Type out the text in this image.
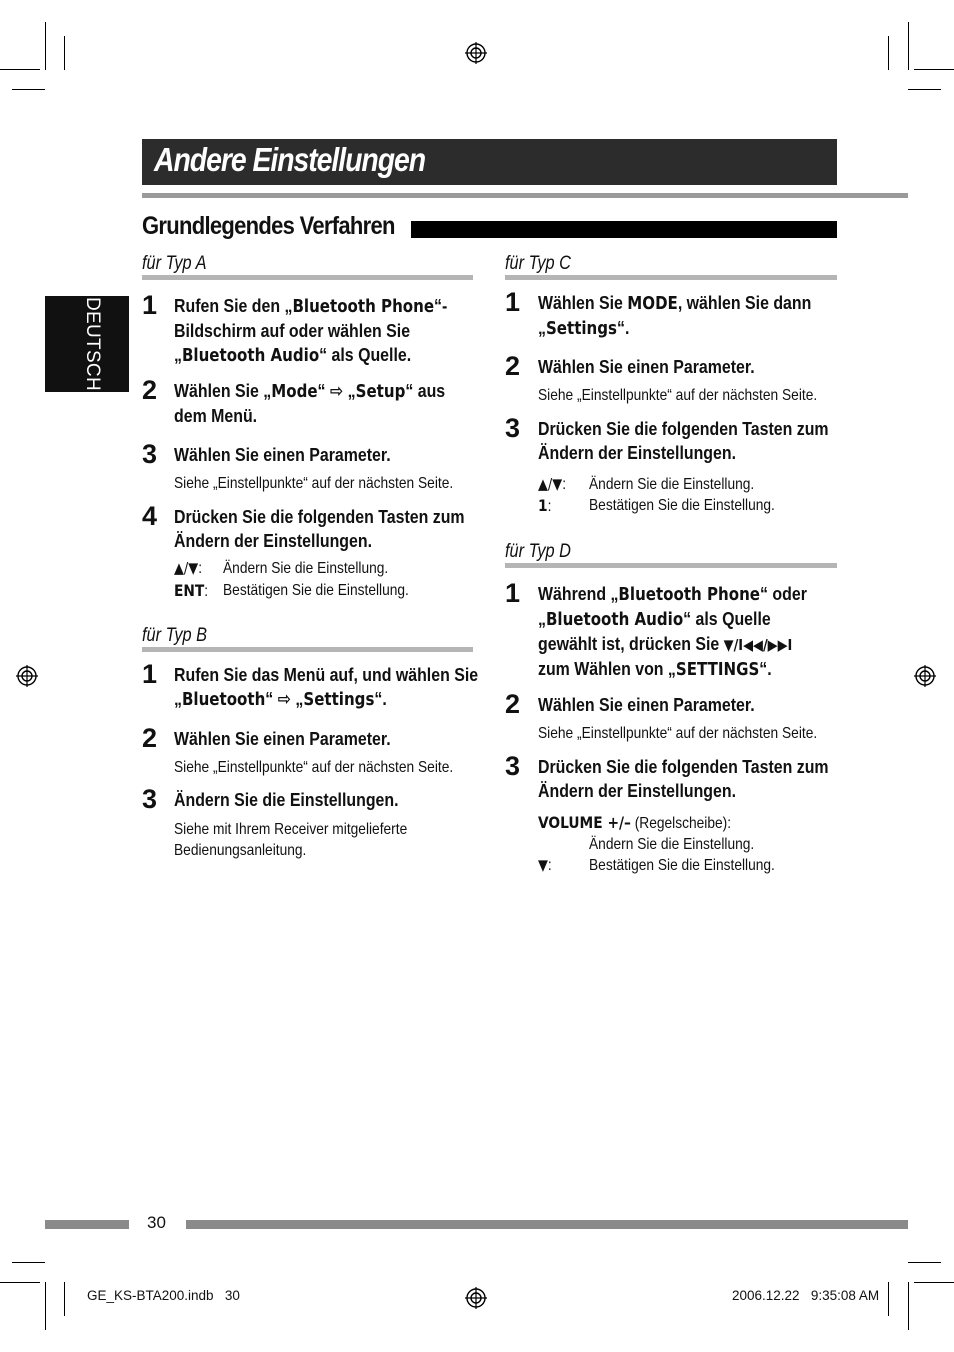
Andere Einstellungen
Grundlegendes Verfahren
DEUTSCH
für Typ A
1 Rufen Sie den „Bluetooth Phone“-
Bildschirm auf oder wählen Sie
„Bluetooth Audio“ als Quelle.
2 Wählen Sie „Mode“ ⇨ „Setup“ aus
dem Menü.
3 Wählen Sie einen Parameter.
Siehe „Einstellpunkte“ auf der nächsten Seite.
4 Drücken Sie die folgenden Tasten zum
Ändern der Einstellungen.
▲/▼: Ändern Sie die Einstellung.
ENT: Bestätigen Sie die Einstellung.
für Typ B
1 Rufen Sie das Menü auf, und wählen Sie
„Bluetooth“ ⇨ „Settings“.
2 Wählen Sie einen Parameter.
Siehe „Einstellpunkte“ auf der nächsten Seite.
3 Ändern Sie die Einstellungen.
Siehe mit Ihrem Receiver mitgelieferte
Bedienungsanleitung.
für Typ C
1 Wählen Sie MODE, wählen Sie dann
„Settings“.
2 Wählen Sie einen Parameter.
Siehe „Einstellpunkte“ auf der nächsten Seite.
3 Drücken Sie die folgenden Tasten zum
Ändern der Einstellungen.
▲/▼: Ändern Sie die Einstellung.
1: Bestätigen Sie die Einstellung.
für Typ D
1 Während „Bluetooth Phone“ oder
„Bluetooth Audio“ als Quelle
gewählt ist, drücken Sie ▼/I◀◀/▶▶I
zum Wählen von „SETTINGS“.
2 Wählen Sie einen Parameter.
Siehe „Einstellpunkte“ auf der nächsten Seite.
3 Drücken Sie die folgenden Tasten zum
Ändern der Einstellungen.
VOLUME +/– (Regelscheibe):
Ändern Sie die Einstellung.
▼: Bestätigen Sie die Einstellung.
30
GE_KS-BTA200.indb   30	2006.12.22   9:35:08 AM
